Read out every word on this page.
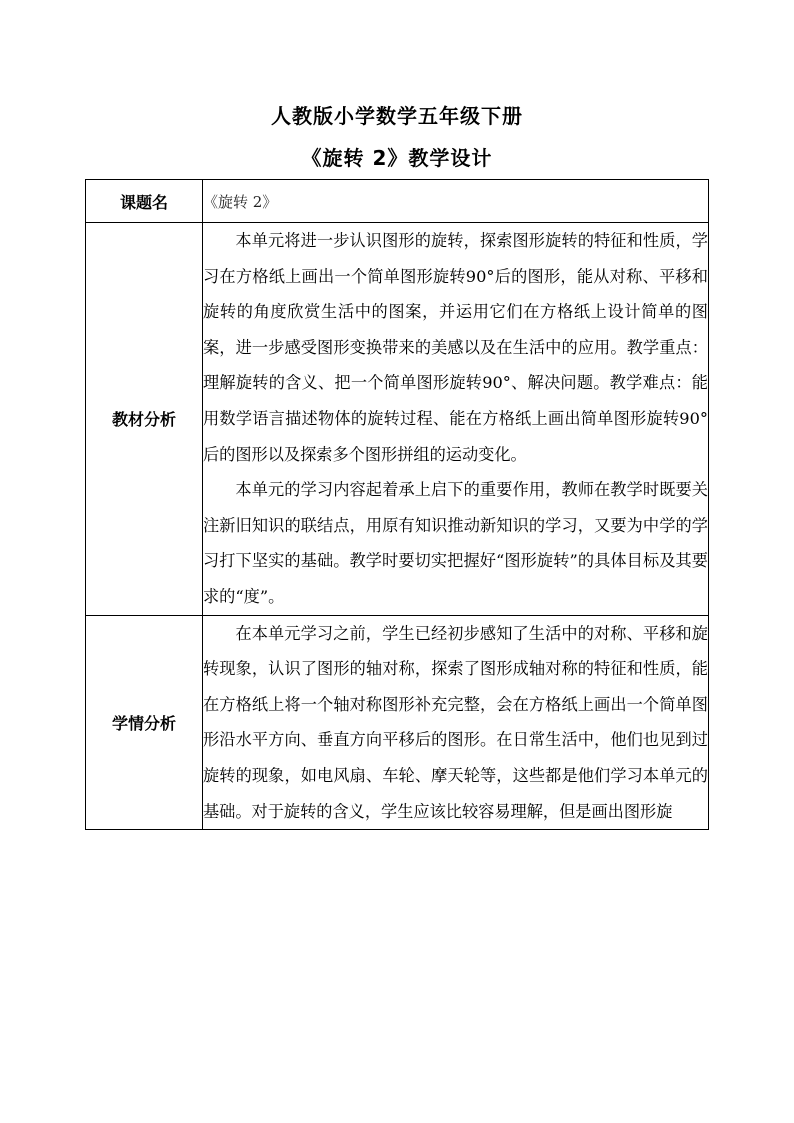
人教版小学数学五年级下册
《旋转 2》教学设计
课题名	《旋转 2》
教材分析	本单元将进一步认识图形的旋转，探索图形旋转的特征和性质，学习在方格纸上画出一个简单图形旋转90°后的图形，能从对称、平移和旋转的角度欣赏生活中的图案，并运用它们在方格纸上设计简单的图案，进一步感受图形变换带来的美感以及在生活中的应用。教学重点：理解旋转的含义、把一个简单图形旋转90°、解决问题。教学难点：能用数学语言描述物体的旋转过程、能在方格纸上画出简单图形旋转90°后的图形以及探索多个图形拼组的运动变化。

本单元的学习内容起着承上启下的重要作用，教师在教学时既要关注新旧知识的联结点，用原有知识推动新知识的学习，又要为中学的学习打下坚实的基础。教学时要切实把握好“图形旋转”的具体目标及其要求的“度”。

学情分析	在本单元学习之前，学生已经初步感知了生活中的对称、平移和旋转现象，认识了图形的轴对称，探索了图形成轴对称的特征和性质，能在方格纸上将一个轴对称图形补充完整，会在方格纸上画出一个简单图形沿水平方向、垂直方向平移后的图形。在日常生活中，他们也见到过旋转的现象，如电风扇、车轮、摩天轮等，这些都是他们学习本单元的基础。对于旋转的含义，学生应该比较容易理解，但是画出图形旋
